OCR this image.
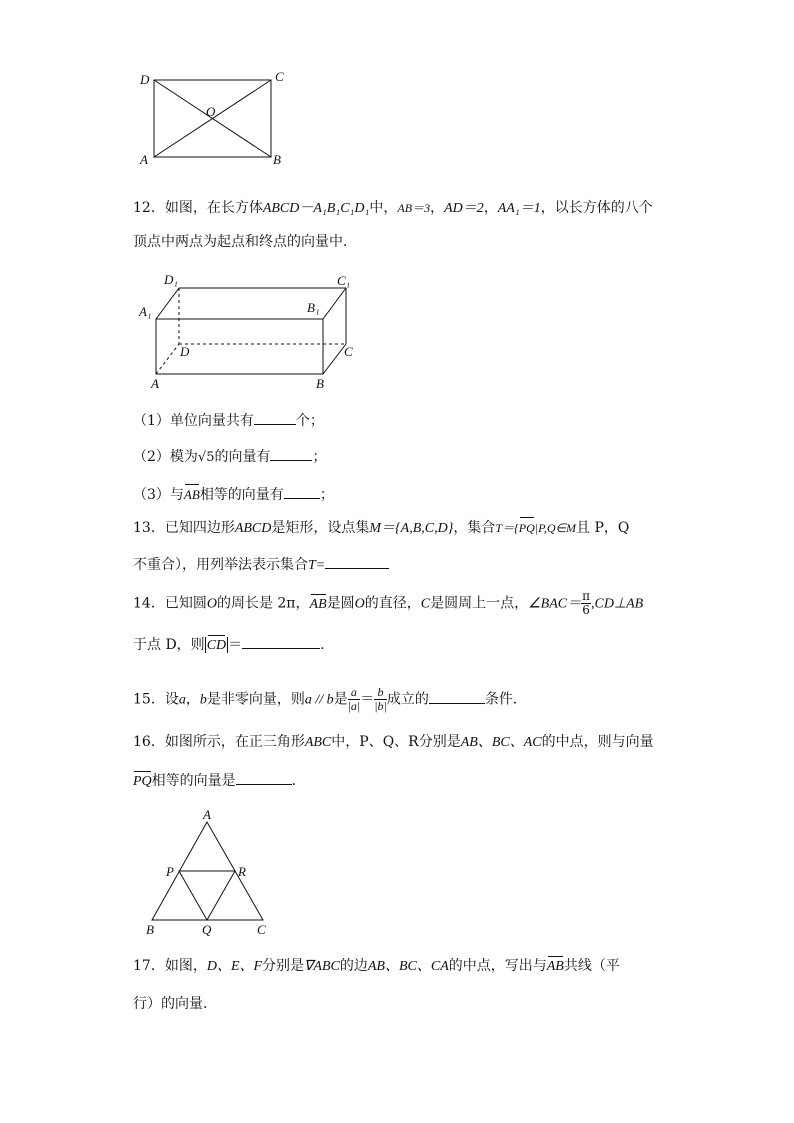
D	C
O
A	B
12．如图，在长方体ABCD－A₁B₁C₁D₁中，AB＝3，AD＝2，AA₁＝1，以长方体的八个
顶点中两点为起点和终点的向量中．
D₁	C₁
A₁	B₁
D	C
A	B
（1）单位向量共有	个；
（2）模为√5的向量有	；
（3）与AB相等的向量有	；
13．已知四边形ABCD是矩形，设点集M＝{A,B,C,D}，集合T＝{PQ|P,Q∈M且 P，Q
不重合），用列举法表示集合T=
14．已知圆O的周长是 2π，AB是圆O的直径，C是圆周上一点，∠BAC＝ $\frac{\pi}{6}$ ,CD⊥AB
于点 D，则 CD ＝	.
15．设a，b是非零向量，则a // b是 $\frac{a}{|a|} = \frac{b}{|b|}$ 成立的	条件．
16．如图所示，在正三角形ABC中，P、Q、R分别是AB、BC、AC的中点，则与向量
PQ相等的向量是	．
A
P	R
B	Q	C
17．如图，D、E、F分别是∇ABC的边AB、BC、CA的中点，写出与AB共线（平
行）的向量.
